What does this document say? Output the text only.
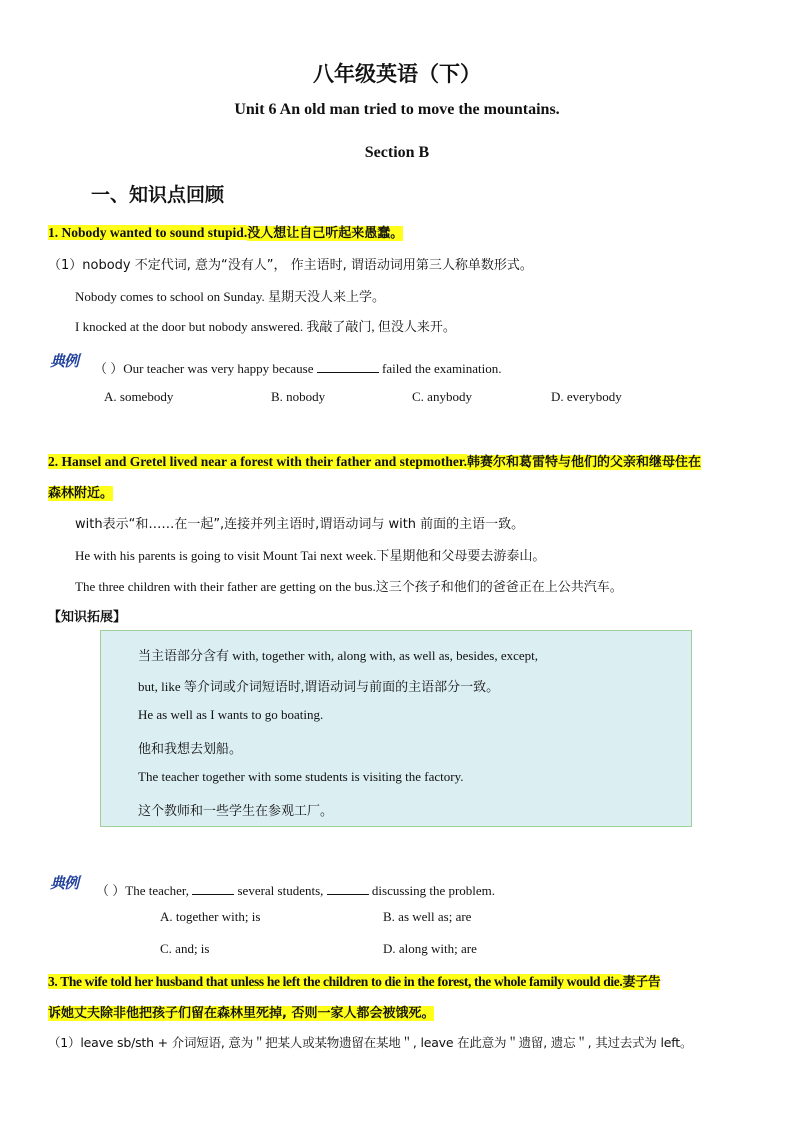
八年级英语（下）
Unit 6 An old man tried to move the mountains.
Section B
一、知识点回顾
1. Nobody wanted to sound stupid.没人想让自己听起来愚蠢。
（1）nobody 不定代词, 意为“没有人”， 作主语时, 谓语动词用第三人称单数形式。
Nobody comes to school on Sunday. 星期天没人来上学。
I knocked at the door but nobody answered. 我敲了敲门, 但没人来开。
典例	（ ）Our teacher was very happy because	failed the examination.
A. somebody	B. nobody	C. anybody	D. everybody
2. Hansel and Gretel lived near a forest with their father and stepmother.韩赛尔和葛雷特与他们的父亲和继母住在
森林附近。
with表示“和……在一起”,连接并列主语时,谓语动词与 with 前面的主语一致。
He with his parents is going to visit Mount Tai next week.下星期他和父母要去游泰山。
The three children with their father are getting on the bus.这三个孩子和他们的爸爸正在上公共汽车。
【知识拓展】
当主语部分含有 with, together with, along with, as well as, besides, except,
but, like 等介词或介词短语时,谓语动词与前面的主语部分一致。
He as well as I wants to go boating.
他和我想去划船。
The teacher together with some students is visiting the factory.
这个教师和一些学生在参观工厂。
典例	（ ）The teacher,	several students,	discussing the problem.
A. together with; is	B. as well as; are
C. and; is	D. along with; are
3. The wife told her husband that unless he left the children to die in the forest, the whole family would die.妻子告
诉她丈夫除非他把孩子们留在森林里死掉, 否则一家人都会被饿死。
（1）leave sb/sth + 介词短语, 意为＂把某人或某物遗留在某地＂, leave 在此意为＂遗留, 遗忘＂, 其过去式为 left。
